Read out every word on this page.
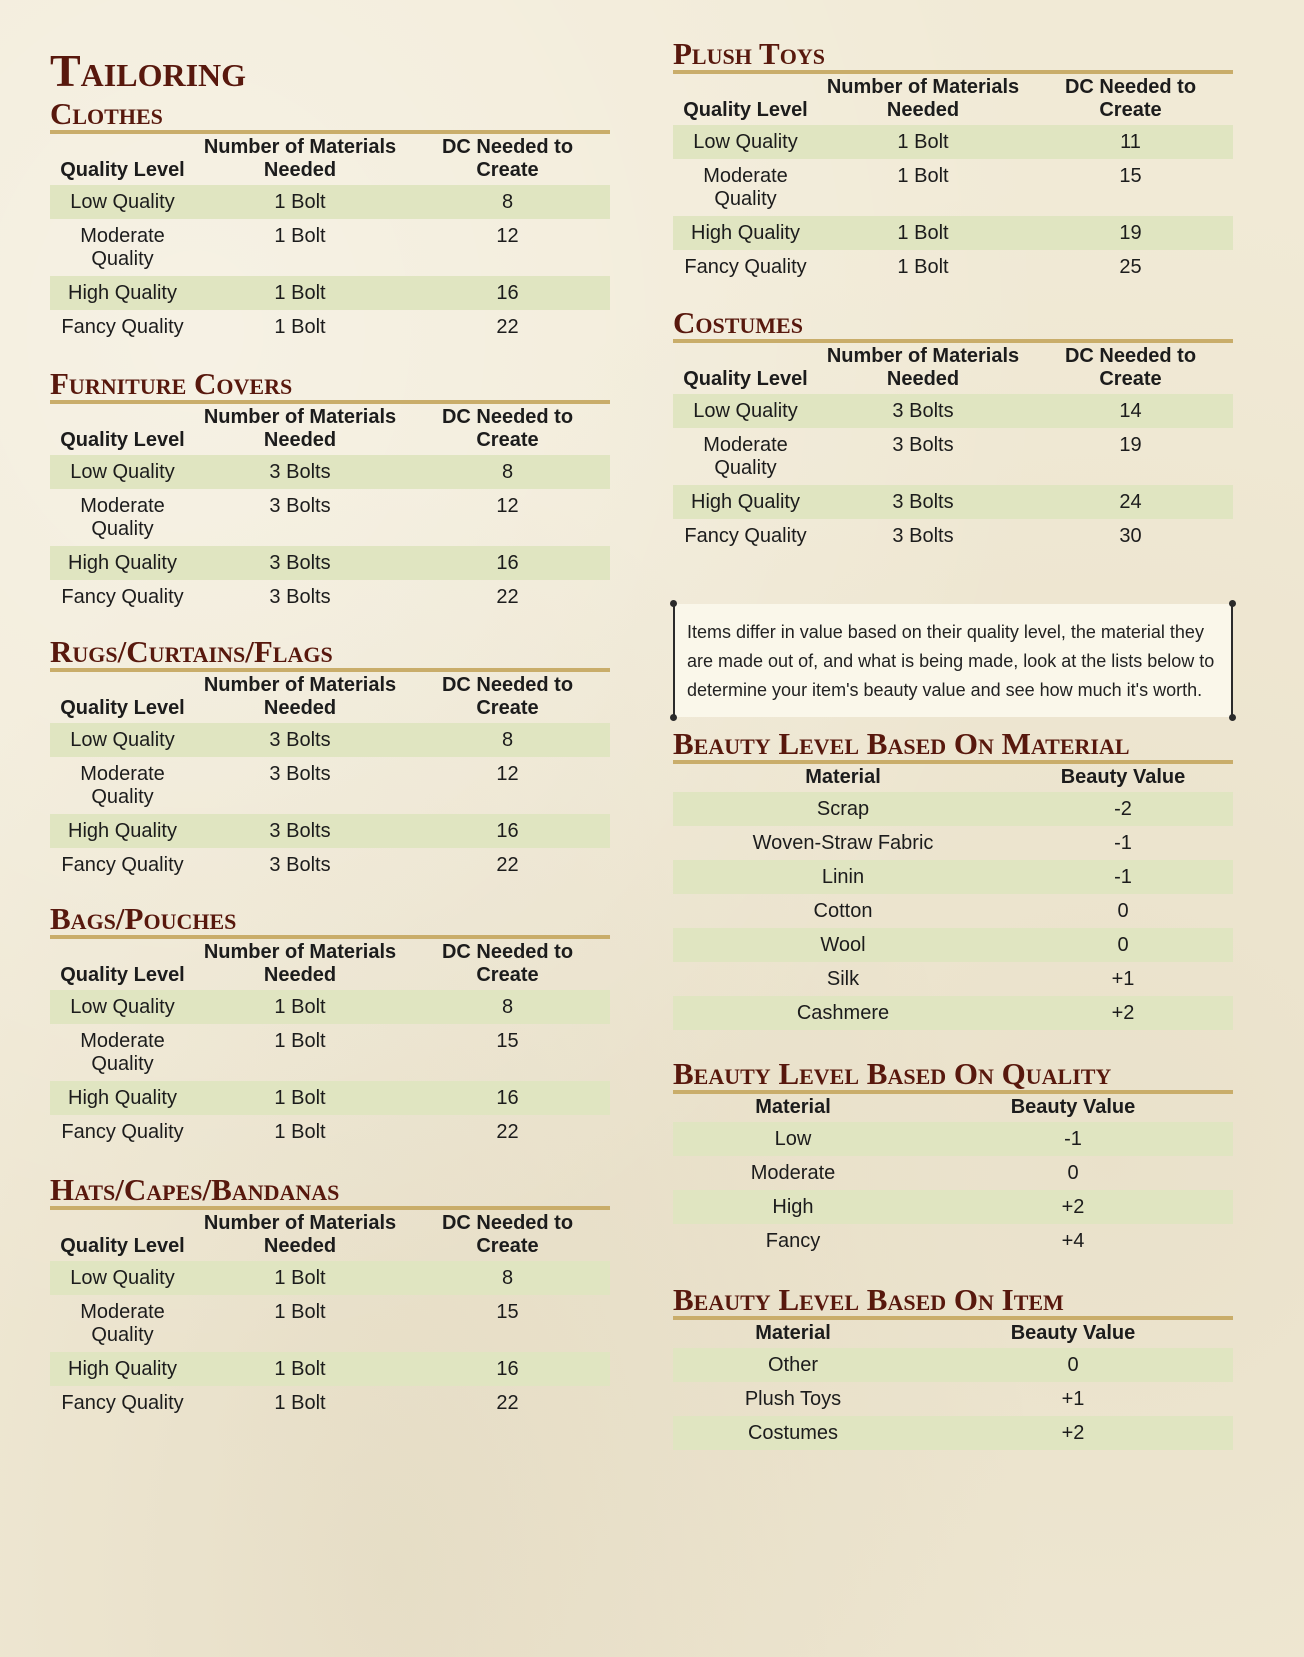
Tailoring
Clothes
Quality Level	Number of Materials Needed	DC Needed to Create
Low Quality	1 Bolt	8
Moderate Quality	1 Bolt	12
High Quality	1 Bolt	16
Fancy Quality	1 Bolt	22
Furniture Covers
Quality Level	Number of Materials Needed	DC Needed to Create
Low Quality	3 Bolts	8
Moderate Quality	3 Bolts	12
High Quality	3 Bolts	16
Fancy Quality	3 Bolts	22
Rugs/Curtains/Flags
Quality Level	Number of Materials Needed	DC Needed to Create
Low Quality	3 Bolts	8
Moderate Quality	3 Bolts	12
High Quality	3 Bolts	16
Fancy Quality	3 Bolts	22
Bags/Pouches
Quality Level	Number of Materials Needed	DC Needed to Create
Low Quality	1 Bolt	8
Moderate Quality	1 Bolt	15
High Quality	1 Bolt	16
Fancy Quality	1 Bolt	22
Hats/Capes/Bandanas
Quality Level	Number of Materials Needed	DC Needed to Create
Low Quality	1 Bolt	8
Moderate Quality	1 Bolt	15
High Quality	1 Bolt	16
Fancy Quality	1 Bolt	22
Plush Toys
Quality Level	Number of Materials Needed	DC Needed to Create
Low Quality	1 Bolt	11
Moderate Quality	1 Bolt	15
High Quality	1 Bolt	19
Fancy Quality	1 Bolt	25
Costumes
Quality Level	Number of Materials Needed	DC Needed to Create
Low Quality	3 Bolts	14
Moderate Quality	3 Bolts	19
High Quality	3 Bolts	24
Fancy Quality	3 Bolts	30
Items differ in value based on their quality level, the material they are made out of, and what is being made, look at the lists below to determine your item's beauty value and see how much it's worth.
Beauty Level Based On Material
Material	Beauty Value
Scrap	-2
Woven-Straw Fabric	-1
Linin	-1
Cotton	0
Wool	0
Silk	+1
Cashmere	+2
Beauty Level Based On Quality
Material	Beauty Value
Low	-1
Moderate	0
High	+2
Fancy	+4
Beauty Level Based On Item
Material	Beauty Value
Other	0
Plush Toys	+1
Costumes	+2
